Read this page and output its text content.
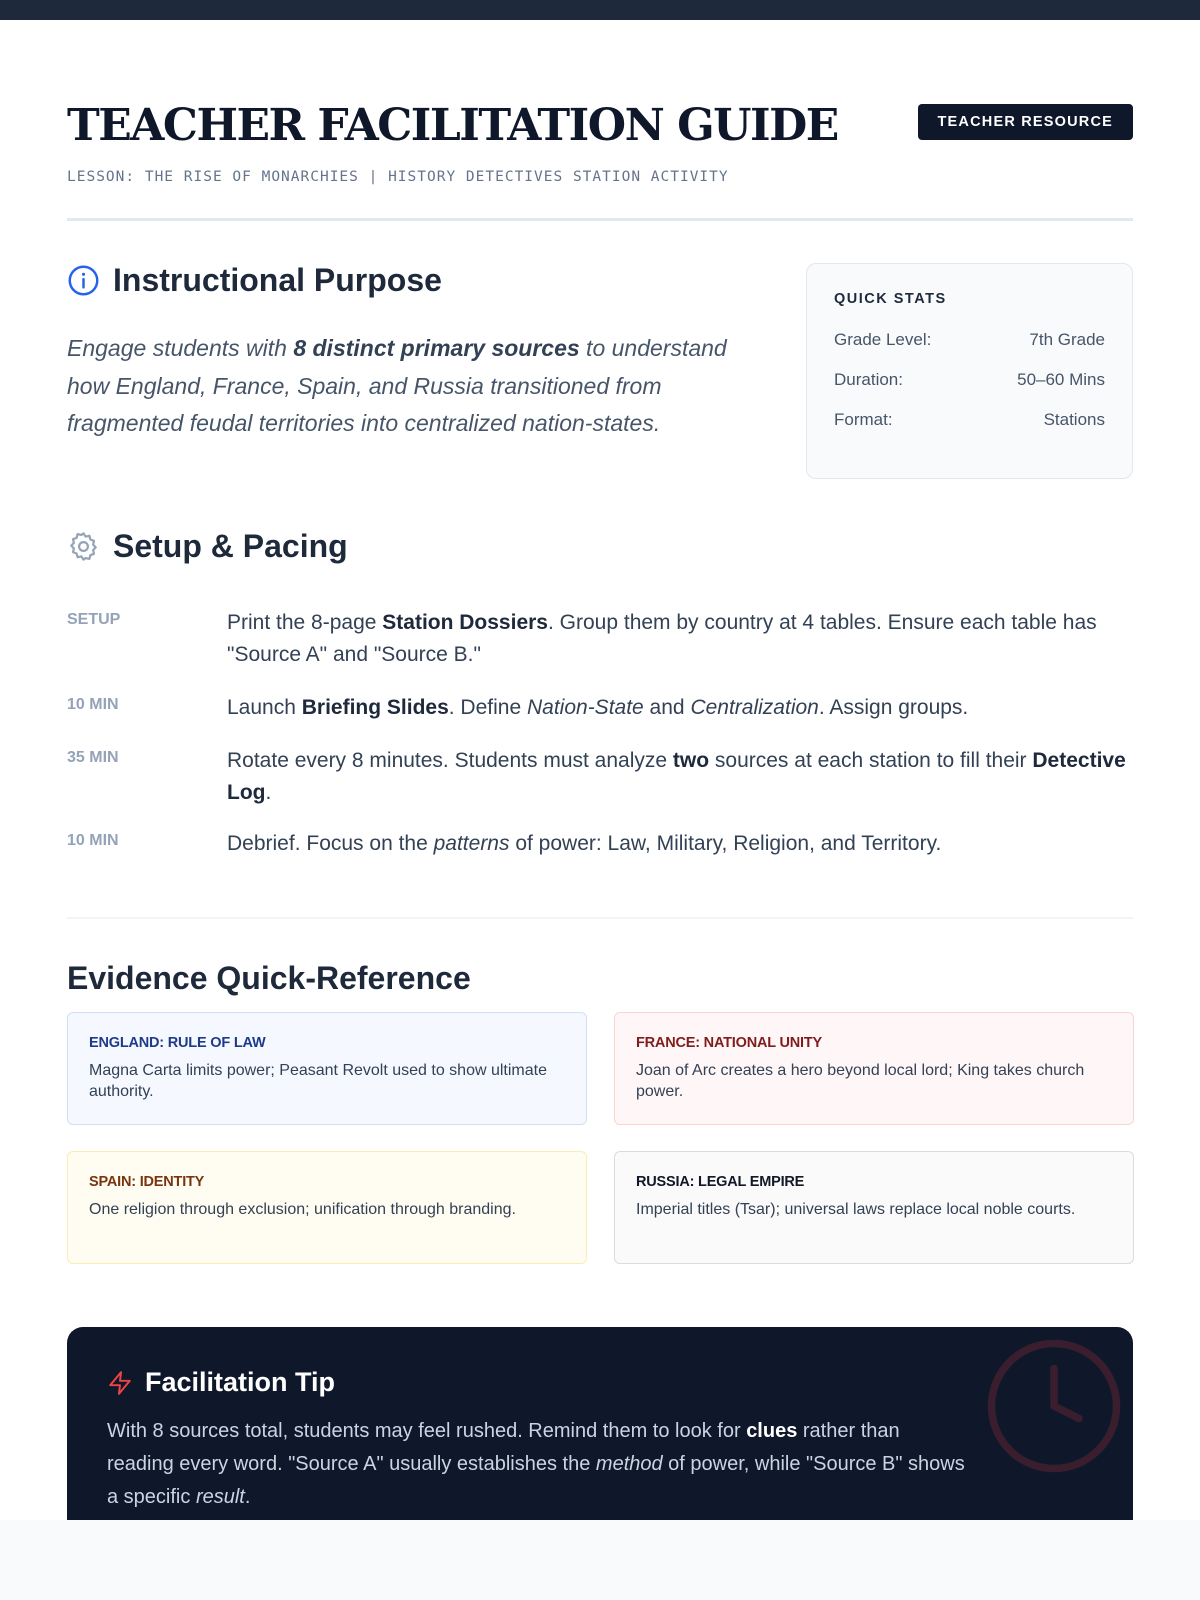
TEACHER FACILITATION GUIDE
LESSON: THE RISE OF MONARCHIES | HISTORY DETECTIVES STATION ACTIVITY
TEACHER RESOURCE
Instructional Purpose
Engage students with 8 distinct primary sources to understand how England, France, Spain, and Russia transitioned from fragmented feudal territories into centralized nation-states.
QUICK STATS
Grade Level:	7th Grade
Duration:	50–60 Mins
Format:	Stations
Setup & Pacing
SETUP	Print the 8-page Station Dossiers. Group them by country at 4 tables. Ensure each table has "Source A" and "Source B."
10 MIN	Launch Briefing Slides. Define Nation-State and Centralization. Assign groups.
35 MIN	Rotate every 8 minutes. Students must analyze two sources at each station to fill their Detective Log.
10 MIN	Debrief. Focus on the patterns of power: Law, Military, Religion, and Territory.
Evidence Quick-Reference
ENGLAND: RULE OF LAW
Magna Carta limits power; Peasant Revolt used to show ultimate authority.
FRANCE: NATIONAL UNITY
Joan of Arc creates a hero beyond local lord; King takes church power.
SPAIN: IDENTITY
One religion through exclusion; unification through branding.
RUSSIA: LEGAL EMPIRE
Imperial titles (Tsar); universal laws replace local noble courts.
Facilitation Tip
With 8 sources total, students may feel rushed. Remind them to look for clues rather than reading every word. "Source A" usually establishes the method of power, while "Source B" shows a specific result.
